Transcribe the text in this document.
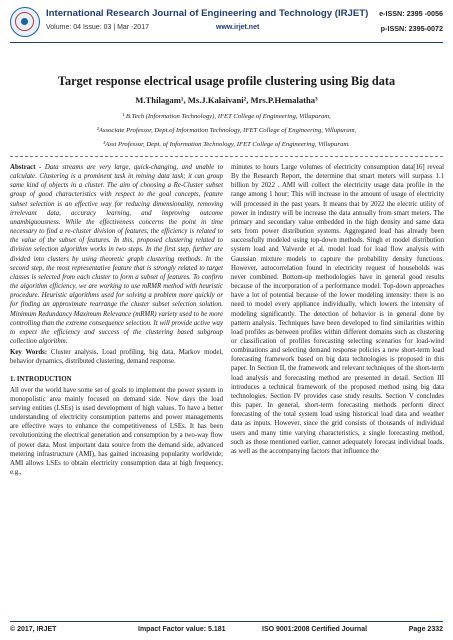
International Research Journal of Engineering and Technology (IRJET)
Volume: 04 Issue: 03 | Mar -2017	www.irjet.net
e-ISSN: 2395 -0056
p-ISSN: 2395-0072
Target response electrical usage profile clustering using Big data
M.Thilagam¹, Ms.J.Kalaivani², Mrs.P.Hemalatha³
¹ B.Tech (Information Technology), IFET College of Engineering, Villupuram,
²Associate Professor, Dept.of Information Technology, IFET College of Engineering, Villupuram,
³Asst Professor, Dept. of Information Technology, IFET College of Engineering, Villupuram.

Abstract - Data streams are very large, quick-changing, and unable to calculate. Clustering is a prominent task in mining data task; it can group same kind of objects in a cluster. The aim of choosing a Re-Cluster subset group of good characteristics with respect to the goal concepts, feature subset selection is an effective way for reducing dimensionality, removing irrelevant data, accuracy learning, and improving outcome unambiguousness. While the effectiveness concerns the point in time necessary to find a re-cluster division of features, the efficiency is related to the value of the subset of features. In this, proposed clustering related to division selection algorithm works in two steps. In the first step, further are divided into clusters by using theoretic graph clustering methods. In the second step, the most representative feature that is strongly related to target classes is selected from each cluster to form a subset of features. To confirm the algorithm efficiency, we are working to use mRMR method with heuristic procedure. Heuristic algorithms used for solving a problem more quickly or for finding an approximate rearrange the cluster subset selection solution. Minimum Redundancy Maximum Relevance (mRMR) variety used to be more controlling than the extreme consequence selection. It will provide active way to expect the efficiency and success of the clustering based subgroup collection algorithm.

Key Words: Cluster analysis, Load profiling, big data, Markov model, behavior dynamics, distributed clustering, demand response.

1. INTRODUCTION

All over the world have some set of goals to implement the power system in monopolistic area mainly focused on demand side. Now days the load serving entities (LSEs) is used development of high values. To have a better understanding of electricity consumption patterns and power managements are effective ways to enhance the competitiveness of LSEs. It has been revolutionizing the electrical generation and consumption by a two-way flow of power data. Most important data source from the demand side, advanced metering infrastructure (AMI), has gained increasing popularity worldwide; AMI allows LSEs to obtain electricity consumption data at high frequency, e.g.,

minutes to hours Large volumes of electricity consumption data[16] reveal By the Research Report, the determine that smart meters will surpass 1.1 billion by 2022 . AMI will collect the electricity usage data profile in the range among 1 hour; This will increase in the amount of usage of electricity will processed in the past years. It means that by 2022 the electric utility of power in industry will be increase the data annually from smart meters. The primary and secondary value embedded in the high density and same data sets from power distribution systems. Aggregated load has already been successfully modeled using top-down methods. Singh et model distribution system load and Valverde et al. model load for load flow analysis with Gaussian mixture models to capture the probability density functions. However, autocorrelation found in electricity request of households was never combined. Bottom-up methodologies have in general good results because of the incorporation of a performance model. Top-down approaches have a lot of potential because of the lower modeling intensity: there is no need to model every appliance individually, which lowers the intensity of modeling significantly. The detection of behavior is in general done by pattern analysis. Techniques have been developed to find similarities within load profiles as between profiles within different domains such as clustering or classification of profiles forecasting selecting scenarios for load-wind combinations and selecting demand response policies a new short-term load forecasting framework based on big data technologies is proposed in this paper. In Section II, the framework and relevant techniques of the short-term load analysis and forecasting method are presented in detail. Section III introduces a technical framework of the proposed method using big data technologies. Section IV provides case study results. Section V concludes this paper. In general, short-term forecasting methods perform direct forecasting of the total system load using historical load data and weather data as inputs. However, since the grid consists of thousands of individual users and many time varying characteristics, a single forecasting method, such as those mentioned earlier, cannot adequately forecast individual loads, as well as the accompanying factors that influence the

© 2017, IRJET	Impact Factor value: 5.181	ISO 9001:2008 Certified Journal	Page 2332
